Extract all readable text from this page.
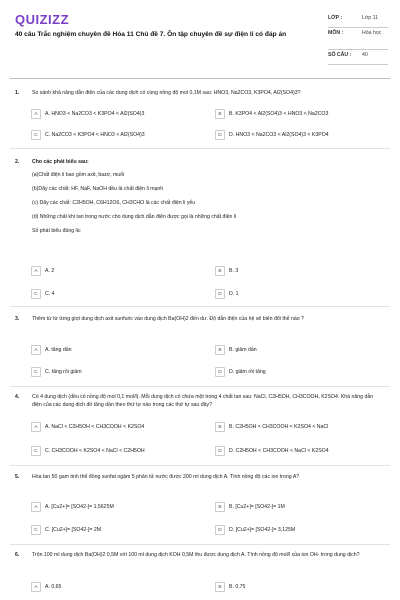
QUIZIZZ
40 câu Trắc nghiệm chuyên đề Hóa 11 Chủ đề 7. Ôn tập chuyên đề sự điện li có đáp án
LỚP :	Lớp 11
MÔN :	Hóa học
SỐ CÂU :	40
1. So sánh khả năng dẫn điện của các dung dịch có cùng nồng độ mol 0,1M sau: HNO3, Na2CO3, K3PO4, Al2(SO4)3?
A	A. HNO3 < Na2CO3 < K3PO4 < Al2(SO4)3	B	B. K3PO4 < Al2(SO4)3 < HNO3 < Na2CO3
C	C. Na2CO3 < K3PO4 < HNO3 < Al2(SO4)3	D	D. HNO3 < Na2CO3 < Al2(SO4)3 < K3PO4
2. Cho các phát biểu sau:
(a)Chất điện li bao gồm axit, bazơ, muối
(b)Dãy các chất: HF, NaF, NaOH đều là chất điện li mạnh
(c) Dãy các chất: C2H5OH, C6H12O6, CH3CHO là các chất điện li yếu
(d) Những chất khi tan trong nước cho dung dịch dẫn điện được gọi là những chất điện li
Số phát biểu đúng là:
A	A. 2	B	B. 3
C	C. 4	D	D. 1
3. Thêm từ từ từng giọt dung dịch axit sunfuric vào dung dịch Ba(OH)2 đến dư. Độ dẫn điện của hệ sẽ biến đổi thế nào ?
A	A. tăng dần	B	B. giảm dần
C	C. tăng rồi giảm	D	D. giảm rồi tăng
4. Có 4 dung dịch (đều có nồng độ mol 0,1 mol/l). Mỗi dung dịch có chứa một trong 4 chất tan sau: NaCl, C2H5OH, CH3COOH, K2SO4. Khả năng dẫn điện của các dung dịch đó tăng dần theo thứ tự nào trong các thứ tự sau đây?
A	A. NaCl < C2H5OH < CH3COOH < K2SO4	B	B. C2H5OH < CH3COOH < K2SO4 < NaCl
C	C. CH3COOH < K2SO4 < NaCl < C2H5OH	D	D. C2H5OH < CH3COOH < NaCl < K2SO4
5. Hòa tan 50 gam tinh thể đồng sunfat ngậm 5 phân tử nước được 200 ml dung dịch A. Tính nồng độ các ion trong A?
A	A. [Cu2+]= [SO42-]= 1.5625M	B	B. [Cu2+]= [SO42-]= 1M
C	C. [Cu2+]= [SO42-]= 2M	D	D. [Cu2+]= [SO42-]= 3,125M
6. Trộn 100 ml dung dịch Ba(OH)2 0,5M với 100 ml dung dịch KOH 0,5M thu được dung dịch A. Tính nồng độ mol/l của ion OH- trong dung dịch?
A	A. 0,65	B	B. 0,75
